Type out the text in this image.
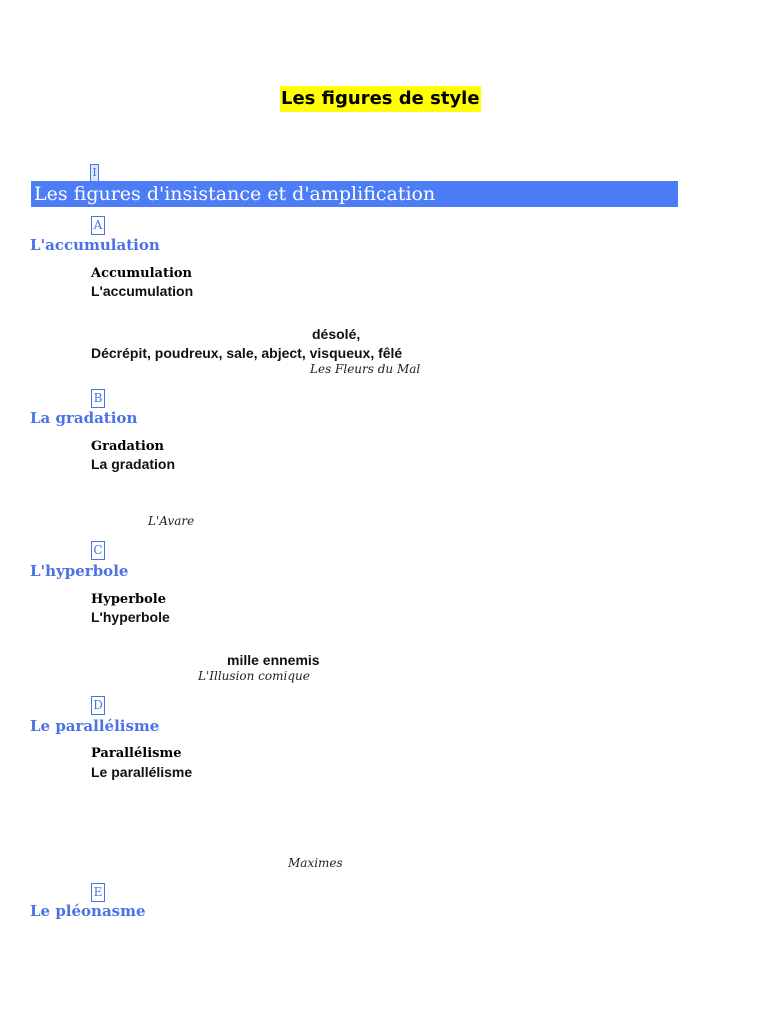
Les figures de style
I
Les figures d'insistance et d'amplification
A
L'accumulation
Accumulation
L'accumulation
désolé,
Décrépit, poudreux, sale, abject, visqueux, fêlé
Les Fleurs du Mal
B
La gradation
Gradation
La gradation
L'Avare
C
L'hyperbole
Hyperbole
L'hyperbole
mille ennemis
L'Illusion comique
D
Le parallélisme
Parallélisme
Le parallélisme
Maximes
E
Le pléonasme
